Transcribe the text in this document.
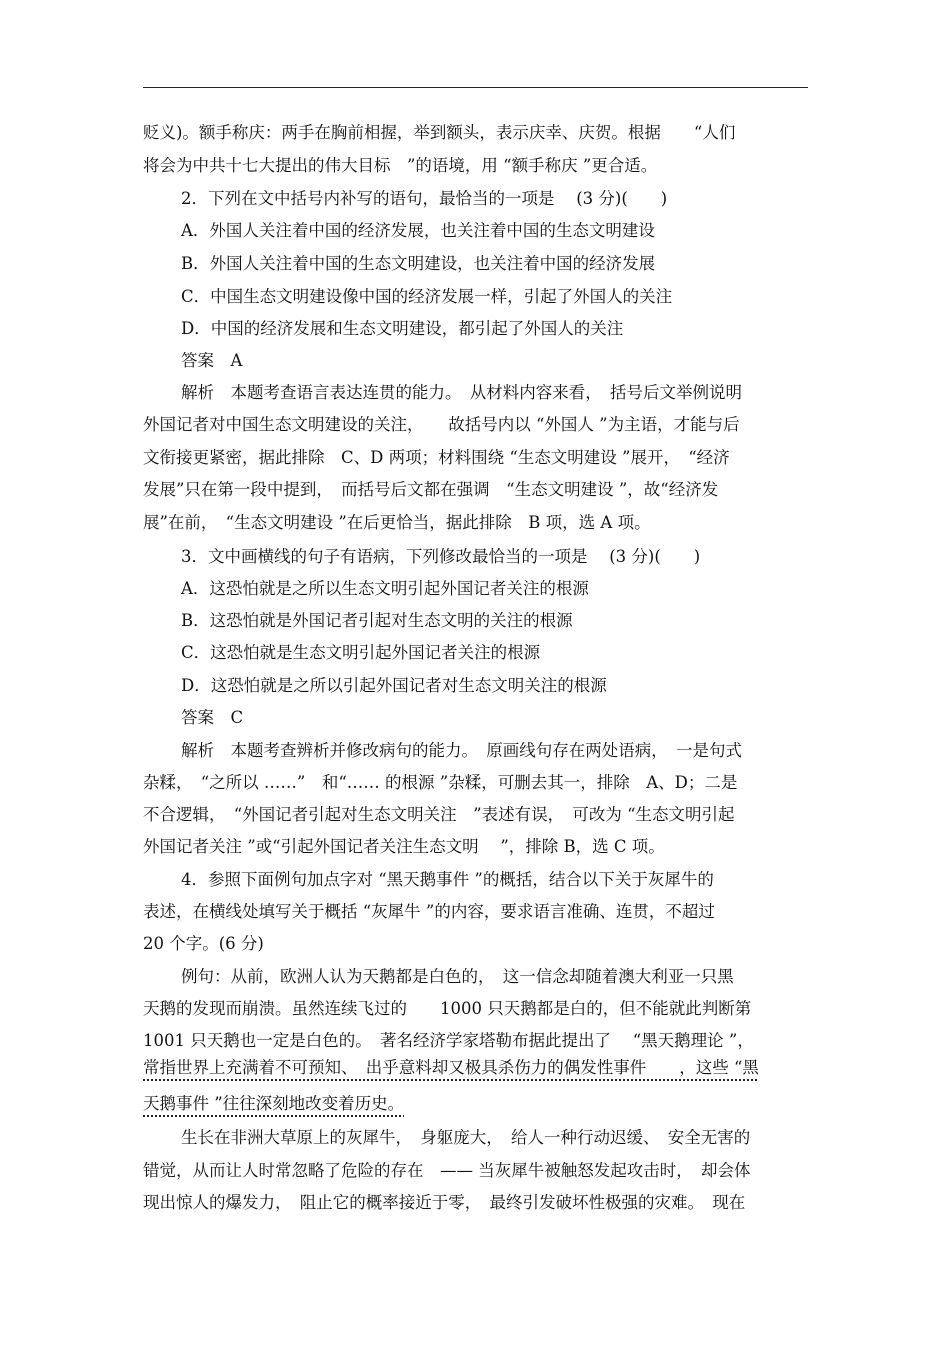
贬义)。额手称庆：两手在胸前相握，举到额头，表示庆幸、庆贺。根据　　“人们
将会为中共十七大提出的伟大目标　”的语境，用 “额手称庆 ”更合适。
2．下列在文中括号内补写的语句，最恰当的一项是　 (3 分)(　　)
A．外国人关注着中国的经济发展，也关注着中国的生态文明建设
B．外国人关注着中国的生态文明建设，也关注着中国的经济发展
C．中国生态文明建设像中国的经济发展一样，引起了外国人的关注
D．中国的经济发展和生态文明建设，都引起了外国人的关注
答案　A
解析　本题考查语言表达连贯的能力。　从材料内容来看，　括号后文举例说明
外国记者对中国生态文明建设的关注，　　故括号内以 “外国人 ”为主语，才能与后
文衔接更紧密，据此排除　C、D 两项；材料围绕 “生态文明建设 ”展开，　“经济
发展”只在第一段中提到，　而括号后文都在强调　“生态文明建设 ”，故“经济发
展”在前，　“生态文明建设 ”在后更恰当，据此排除　B 项，选 A 项。
3．文中画横线的句子有语病，下列修改最恰当的一项是　 (3 分)(　　)
A．这恐怕就是之所以生态文明引起外国记者关注的根源
B．这恐怕就是外国记者引起对生态文明的关注的根源
C．这恐怕就是生态文明引起外国记者关注的根源
D．这恐怕就是之所以引起外国记者对生态文明关注的根源
答案　C
解析　本题考查辨析并修改病句的能力。　原画线句存在两处语病，　一是句式
杂糅，　“之所以 ……”　和“…… 的根源 ”杂糅，可删去其一，排除　A、D；二是
不合逻辑，　“外国记者引起对生态文明关注　”表述有误，　可改为 “生态文明引起
外国记者关注 ”或“引起外国记者关注生态文明　 ”，排除 B，选 C 项。
4．参照下面例句加点字对 “黑天鹅事件 ”的概括，结合以下关于灰犀牛的
表述，在横线处填写关于概括 “灰犀牛 ”的内容，要求语言准确、连贯，不超过
20 个字。(6 分)
例句：从前，欧洲人认为天鹅都是白色的，　这一信念却随着澳大利亚一只黑
天鹅的发现而崩溃。虽然连续飞过的　　1000 只天鹅都是白的，但不能就此判断第
1001 只天鹅也一定是白色的。　著名经济学家塔勒布据此提出了　 “黑天鹅理论 ”，
常指世界上充满着不可预知、　出乎意料却又极具杀伤力的偶发性事件　　，这些 “黑
天鹅事件 ”往往深刻地改变着历史。
生长在非洲大草原上的灰犀牛，　身躯庞大，　给人一种行动迟缓、　安全无害的
错觉，从而让人时常忽略了危险的存在　—— 当灰犀牛被触怒发起攻击时，　却会体
现出惊人的爆发力，　阻止它的概率接近于零，　最终引发破坏性极强的灾难。　现在
